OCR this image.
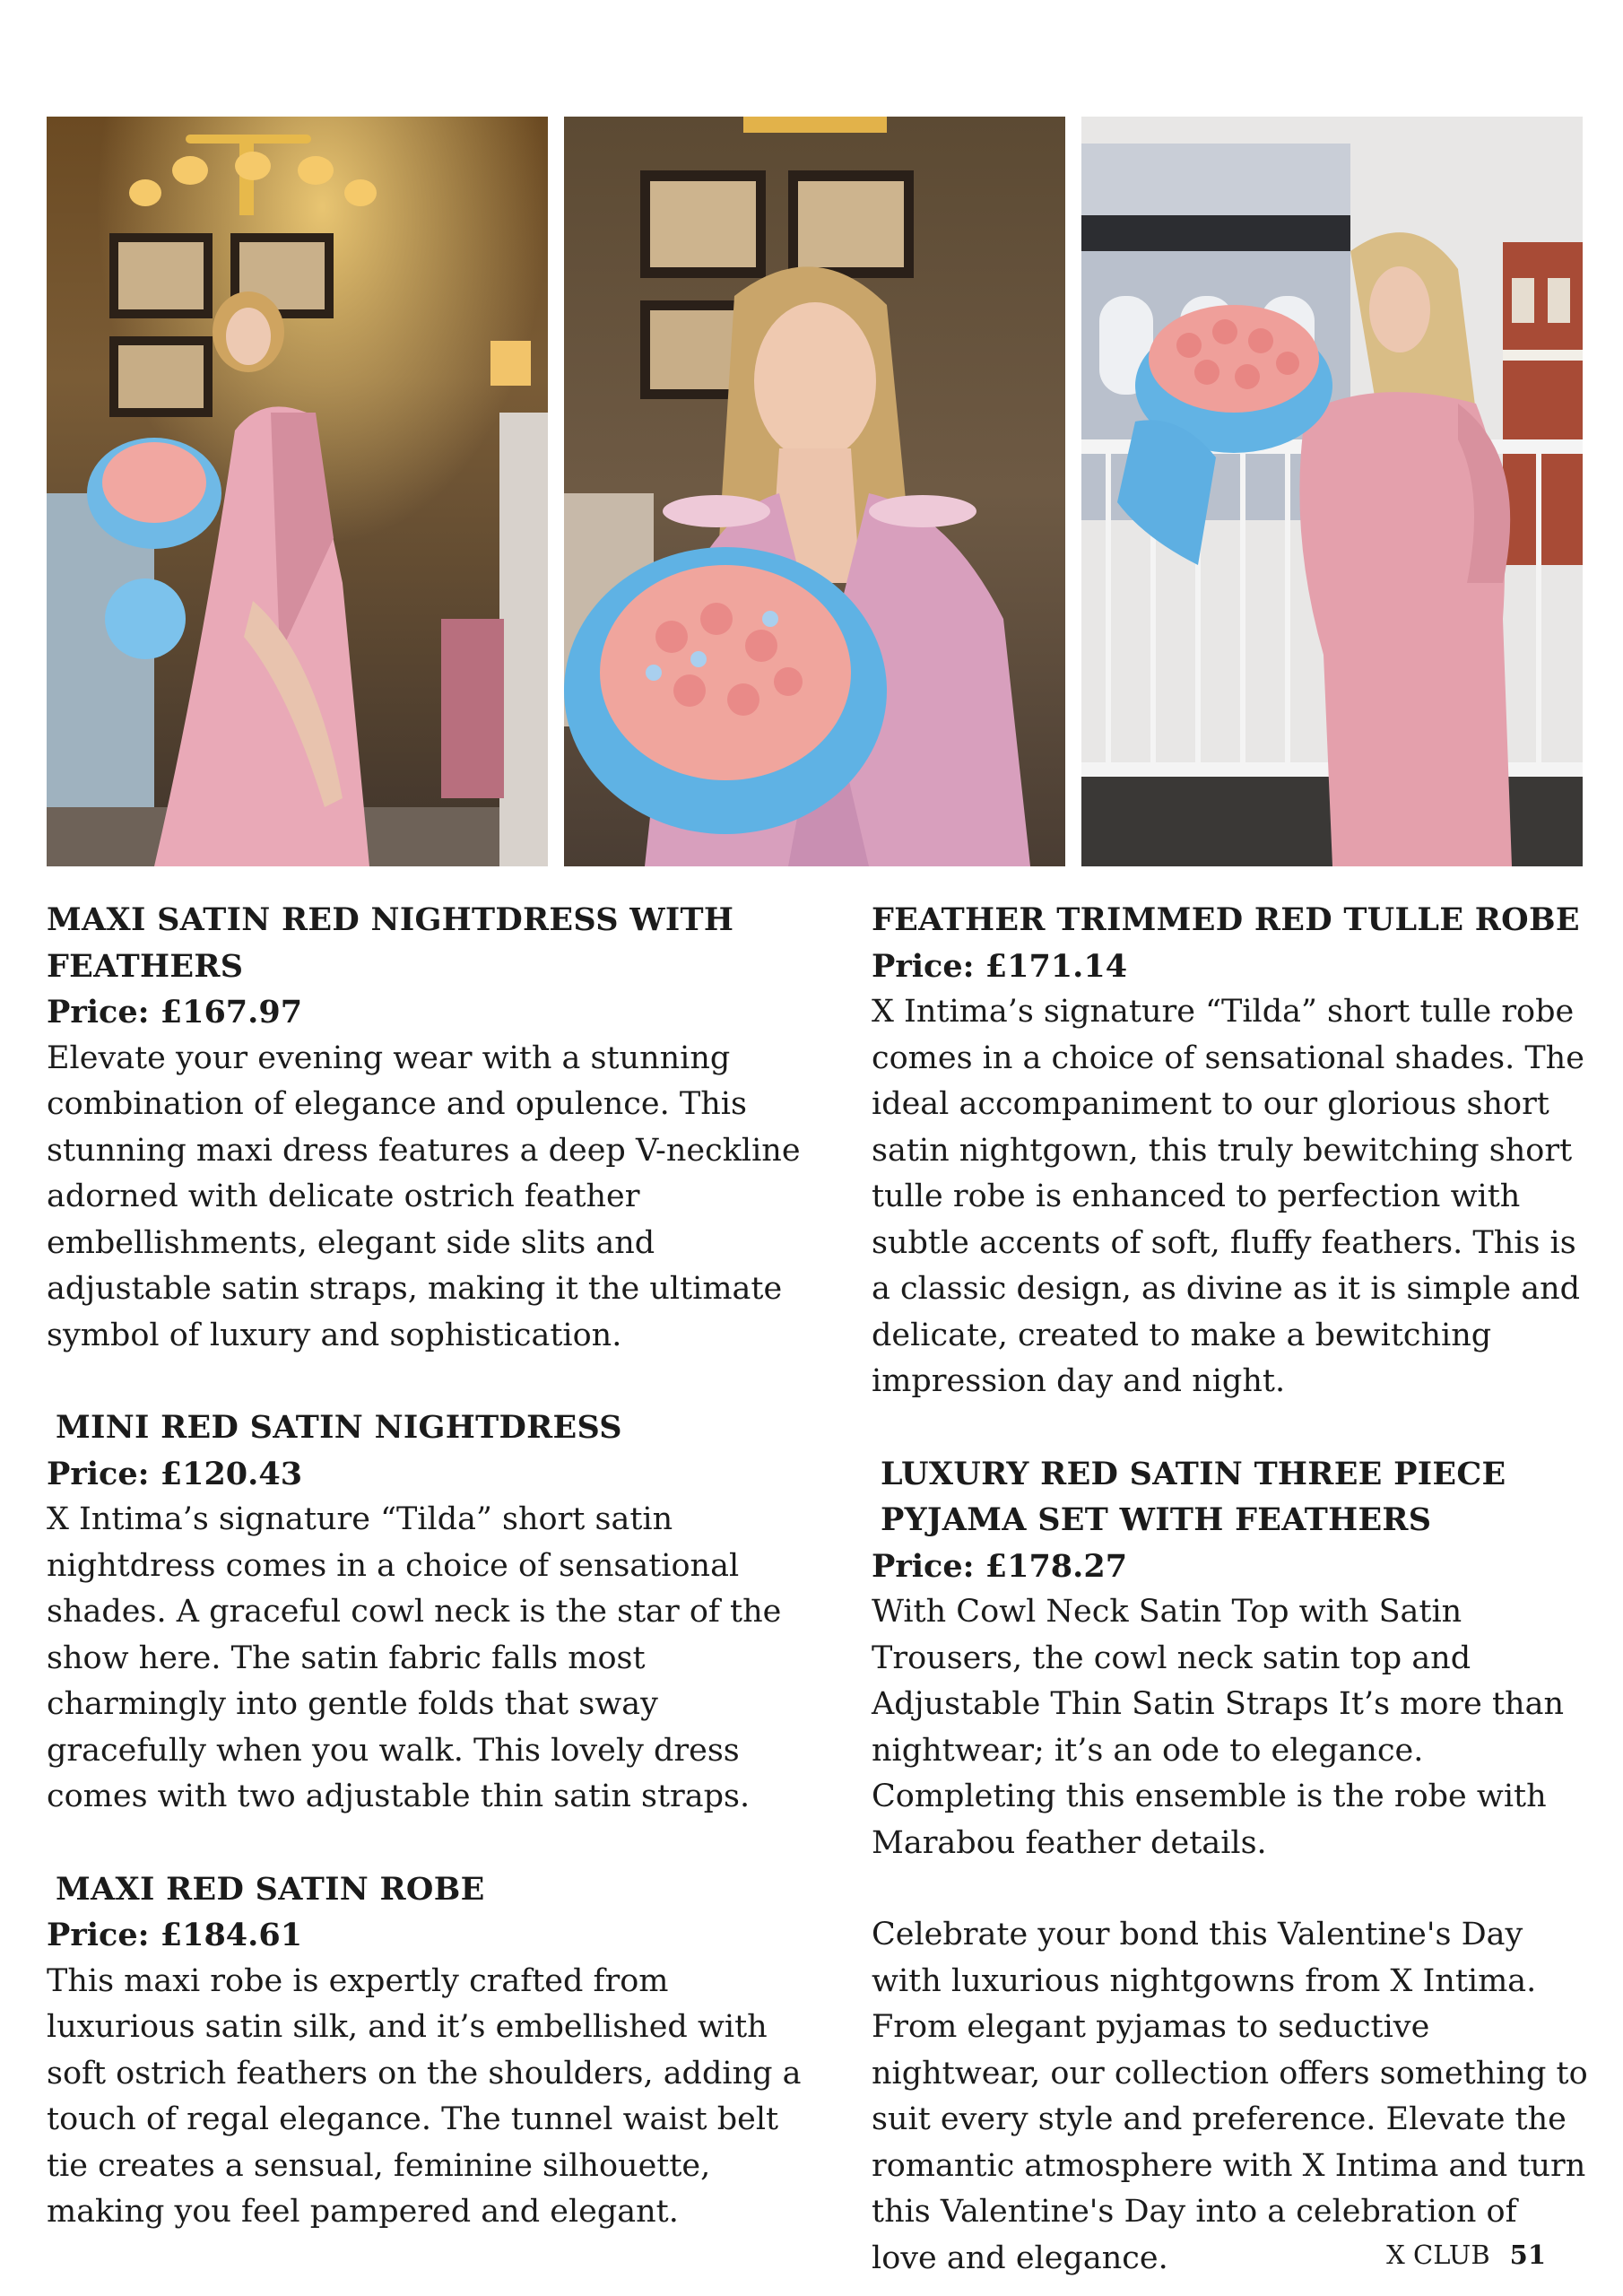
MAXI SATIN RED NIGHTDRESS WITH FEATHERS
Price: £167.97

Elevate your evening wear with a stunning combination of elegance and opulence. This stunning maxi dress features a deep V-neckline adorned with delicate ostrich feather embellishments, elegant side slits and adjustable satin straps, making it the ultimate symbol of luxury and sophistication.

MINI RED SATIN NIGHTDRESS
Price: £120.43

X Intima’s signature “Tilda” short satin nightdress comes in a choice of sensational shades. A graceful cowl neck is the star of the show here. The satin fabric falls most charmingly into gentle folds that sway gracefully when you walk. This lovely dress comes with two adjustable thin satin straps.

MAXI RED SATIN ROBE
Price: £184.61

This maxi robe is expertly crafted from luxurious satin silk, and it’s embellished with soft ostrich feathers on the shoulders, adding a touch of regal elegance. The tunnel waist belt tie creates a sensual, feminine silhouette, making you feel pampered and elegant.

FEATHER TRIMMED RED TULLE ROBE
Price: £171.14

X Intima’s signature “Tilda” short tulle robe comes in a choice of sensational shades. The ideal accompaniment to our glorious short satin nightgown, this truly bewitching short tulle robe is enhanced to perfection with subtle accents of soft, fluffy feathers. This is a classic design, as divine as it is simple and delicate, created to make a bewitching impression day and night.

LUXURY RED SATIN THREE PIECE PYJAMA SET WITH FEATHERS
Price: £178.27

With Cowl Neck Satin Top with Satin Trousers, the cowl neck satin top and Adjustable Thin Satin Straps It’s more than nightwear; it’s an ode to elegance. Completing this ensemble is the robe with Marabou feather details.

Celebrate your bond this Valentine's Day with luxurious nightgowns from X Intima. From elegant pyjamas to seductive nightwear, our collection offers something to suit every style and preference. Elevate the romantic atmosphere with X Intima and turn this Valentine's Day into a celebration of love and elegance.	X CLUB 51
